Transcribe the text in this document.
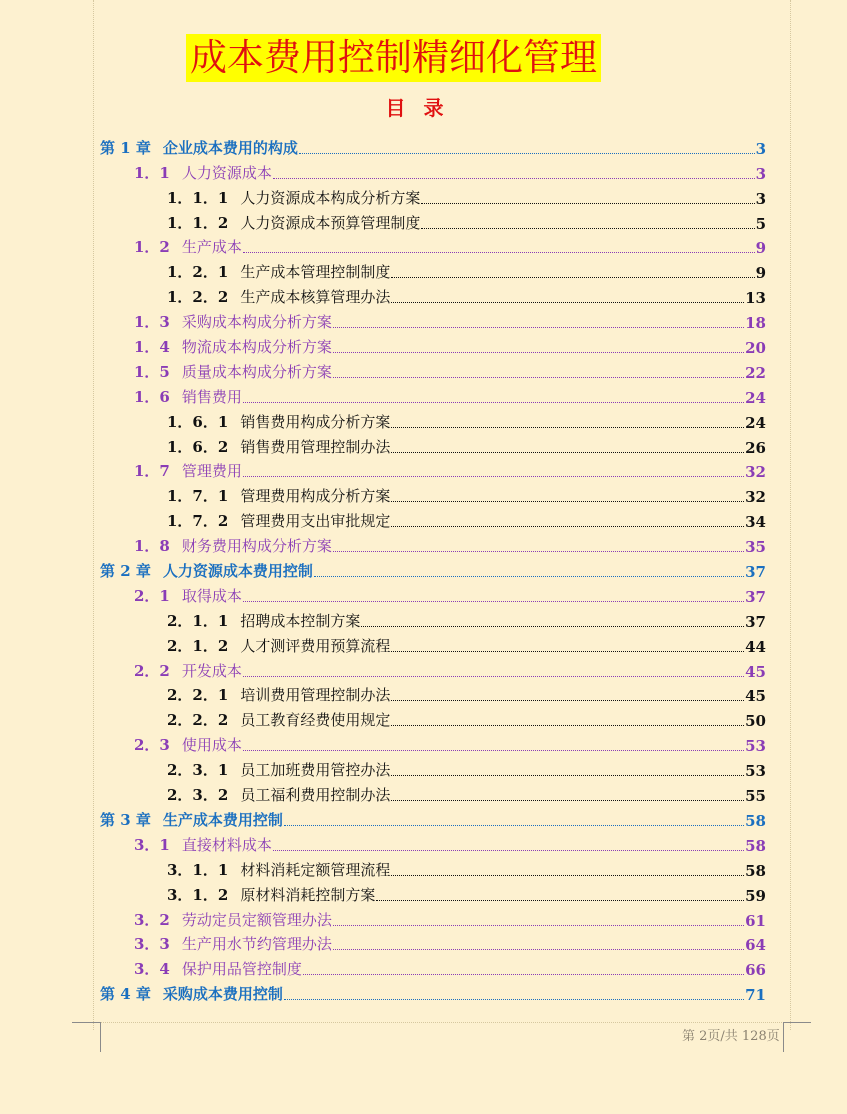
成本费用控制精细化管理
目录
第 1 章 企业成本费用的构成	3
1．1 人力资源成本	3
1．1．1 人力资源成本构成分析方案	3
1．1．2 人力资源成本预算管理制度	5
1．2 生产成本	9
1．2．1 生产成本管理控制制度	9
1．2．2 生产成本核算管理办法	13
1．3 采购成本构成分析方案	18
1．4 物流成本构成分析方案	20
1．5 质量成本构成分析方案	22
1．6 销售费用	24
1．6．1 销售费用构成分析方案	24
1．6．2 销售费用管理控制办法	26
1．7 管理费用	32
1．7．1 管理费用构成分析方案	32
1．7．2 管理费用支出审批规定	34
1．8 财务费用构成分析方案	35
第 2 章 人力资源成本费用控制	37
2．1 取得成本	37
2．1．1 招聘成本控制方案	37
2．1．2 人才测评费用预算流程	44
2．2 开发成本	45
2．2．1 培训费用管理控制办法	45
2．2．2 员工教育经费使用规定	50
2．3 使用成本	53
2．3．1 员工加班费用管控办法	53
2．3．2 员工福利费用控制办法	55
第 3 章 生产成本费用控制	58
3．1 直接材料成本	58
3．1．1 材料消耗定额管理流程	58
3．1．2 原材料消耗控制方案	59
3．2 劳动定员定额管理办法	61
3．3 生产用水节约管理办法	64
3．4 保护用品管控制度	66
第 4 章 采购成本费用控制	71
第 2页/共 128页
